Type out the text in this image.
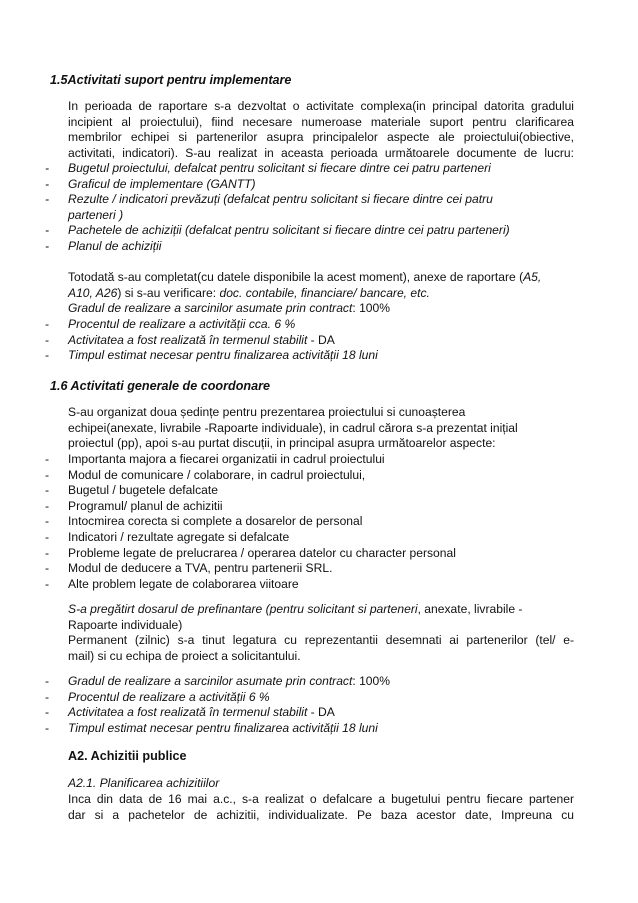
1.5Activitati suport pentru implementare
In perioada de raportare s-a dezvoltat o activitate complexa(in principal datorita gradului
incipient al proiectului), fiind necesare numeroase materiale suport pentru clarificarea
membrilor echipei si partenerilor asupra principalelor aspecte ale proiectului(obiective,
activitati, indicatori). S-au realizat in aceasta perioada următoarele documente de lucru:
-	Bugetul proiectului, defalcat pentru solicitant si fiecare dintre cei patru parteneri
-	Graficul de implementare (GANTT)
-	Rezulte / indicatori prevăzuți (defalcat pentru solicitant si fiecare dintre cei patru
parteneri )
-	Pachetele de achiziții (defalcat pentru solicitant si fiecare dintre cei patru parteneri)
-	Planul de achiziții
Totodată s-au completat(cu datele disponibile la acest moment), anexe de raportare (A5,
A10, A26) si s-au verificare: doc. contabile, financiare/ bancare, etc.
Gradul de realizare a sarcinilor asumate prin contract: 100%
-	Procentul de realizare a activității cca. 6 %
-	Activitatea a fost realizată în termenul stabilit - DA
-	Timpul estimat necesar pentru finalizarea activității 18 luni
1.6 Activitati generale de coordonare
S-au organizat doua ședințe pentru prezentarea proiectului si cunoașterea
echipei(anexate, livrabile -Rapoarte individuale), in cadrul cărora s-a prezentat inițial
proiectul (pp), apoi s-au purtat discuții, in principal asupra următoarelor aspecte:
-	Importanta majora a fiecarei organizatii in cadrul proiectului
-	Modul de comunicare / colaborare, in cadrul proiectului,
-	Bugetul / bugetele defalcate
-	Programul/ planul de achizitii
-	Intocmirea corecta si complete a dosarelor de personal
-	Indicatori / rezultate agregate si defalcate
-	Probleme legate de prelucrarea / operarea datelor cu character personal
-	Modul de deducere a TVA, pentru partenerii SRL.
-	Alte problem legate de colaborarea viitoare
S-a pregătirt dosarul de prefinantare (pentru solicitant si parteneri, anexate, livrabile -
Rapoarte individuale)
Permanent (zilnic) s-a tinut legatura cu reprezentantii desemnati ai partenerilor (tel/ e-
mail) si cu echipa de proiect a solicitantului.
-	Gradul de realizare a sarcinilor asumate prin contract: 100%
-	Procentul de realizare a activității 6 %
-	Activitatea a fost realizată în termenul stabilit - DA
-	Timpul estimat necesar pentru finalizarea activității 18 luni
A2. Achizitii publice
A2.1. Planificarea achizitiilor
Inca din data de 16 mai a.c., s-a realizat o defalcare a bugetului pentru fiecare partener
dar si a pachetelor de achizitii, individualizate. Pe baza acestor date, Impreuna cu
